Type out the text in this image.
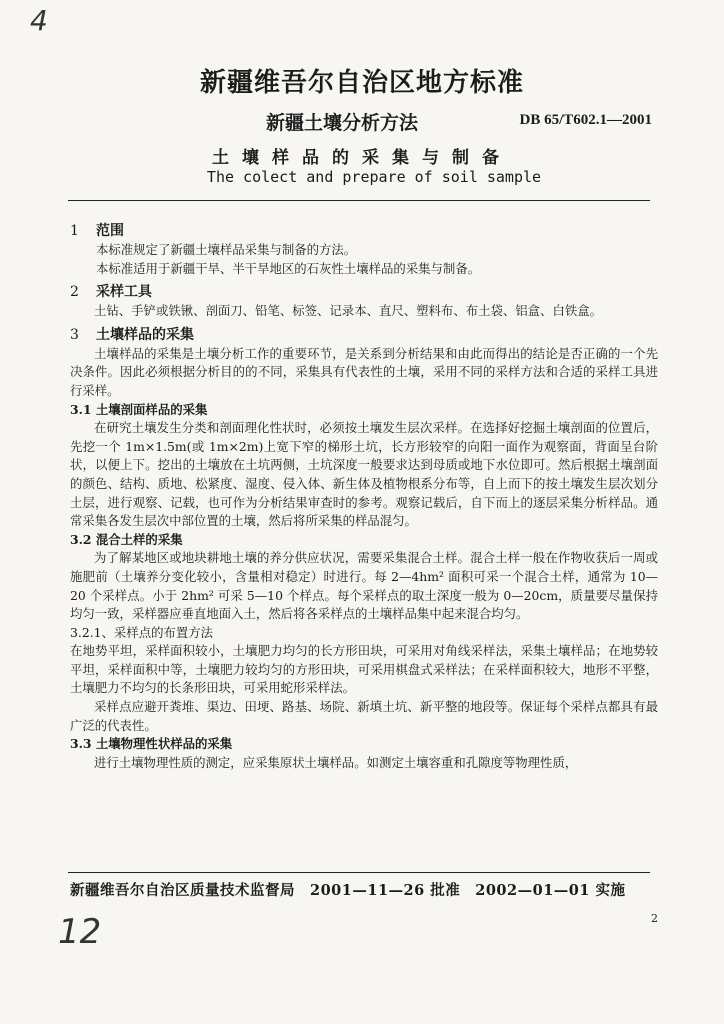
4
新疆维吾尔自治区地方标准
新疆土壤分析方法	DB 65/T602.1—2001
土壤样品的采集与制备
The colect and prepare of soil sample
1 范围

本标准规定了新疆土壤样品采集与制备的方法。

本标准适用于新疆干旱、半干旱地区的石灰性土壤样品的采集与制备。

2 采样工具

土钻、手铲或铁锹、剖面刀、铅笔、标签、记录本、直尺、塑料布、布土袋、铝盒、白铁盒。

3 土壤样品的采集

土壤样品的采集是土壤分析工作的重要环节，是关系到分析结果和由此而得出的结论是否正确的一个先决条件。因此必须根据分析目的的不同，采集具有代表性的土壤，采用不同的采样方法和合适的采样工具进行采样。

3.1 土壤剖面样品的采集

在研究土壤发生分类和剖面理化性状时，必须按土壤发生层次采样。在选择好挖掘土壤剖面的位置后，先挖一个 1m×1.5m(或 1m×2m)上宽下窄的梯形土坑，长方形较窄的向阳一面作为观察面，背面呈台阶状，以便上下。挖出的土壤放在土坑两侧，土坑深度一般要求达到母质或地下水位即可。然后根据土壤剖面的颜色、结构、质地、松紧度、湿度、侵入体、新生体及植物根系分布等，自上而下的按土壤发生层次划分土层，进行观察、记载，也可作为分析结果审查时的参考。观察记载后，自下而上的逐层采集分析样品。通常采集各发生层次中部位置的土壤，然后将所采集的样品混匀。

3.2 混合土样的采集

为了解某地区或地块耕地土壤的养分供应状况，需要采集混合土样。混合土样一般在作物收获后一周或施肥前（土壤养分变化较小，含量相对稳定）时进行。每 2—4hm² 面积可采一个混合土样，通常为 10—20 个采样点。小于 2hm² 可采 5—10 个样点。每个采样点的取土深度一般为 0—20cm，质量要尽量保持均匀一致，采样器应垂直地面入土，然后将各采样点的土壤样品集中起来混合均匀。

3.2.1、采样点的布置方法

在地势平坦，采样面积较小，土壤肥力均匀的长方形田块，可采用对角线采样法，采集土壤样品；在地势较平坦，采样面积中等，土壤肥力较均匀的方形田块，可采用棋盘式采样法；在采样面积较大，地形不平整，土壤肥力不均匀的长条形田块，可采用蛇形采样法。

采样点应避开粪堆、渠边、田埂、路基、场院、新填土坑、新平整的地段等。保证每个采样点都具有最广泛的代表性。

3.3 土壤物理性状样品的采集

进行土壤物理性质的测定，应采集原状土壤样品。如测定土壤容重和孔隙度等物理性质，

新疆维吾尔自治区质量技术监督局　2001—11—26 批准　2002—01—01 实施
2
12
